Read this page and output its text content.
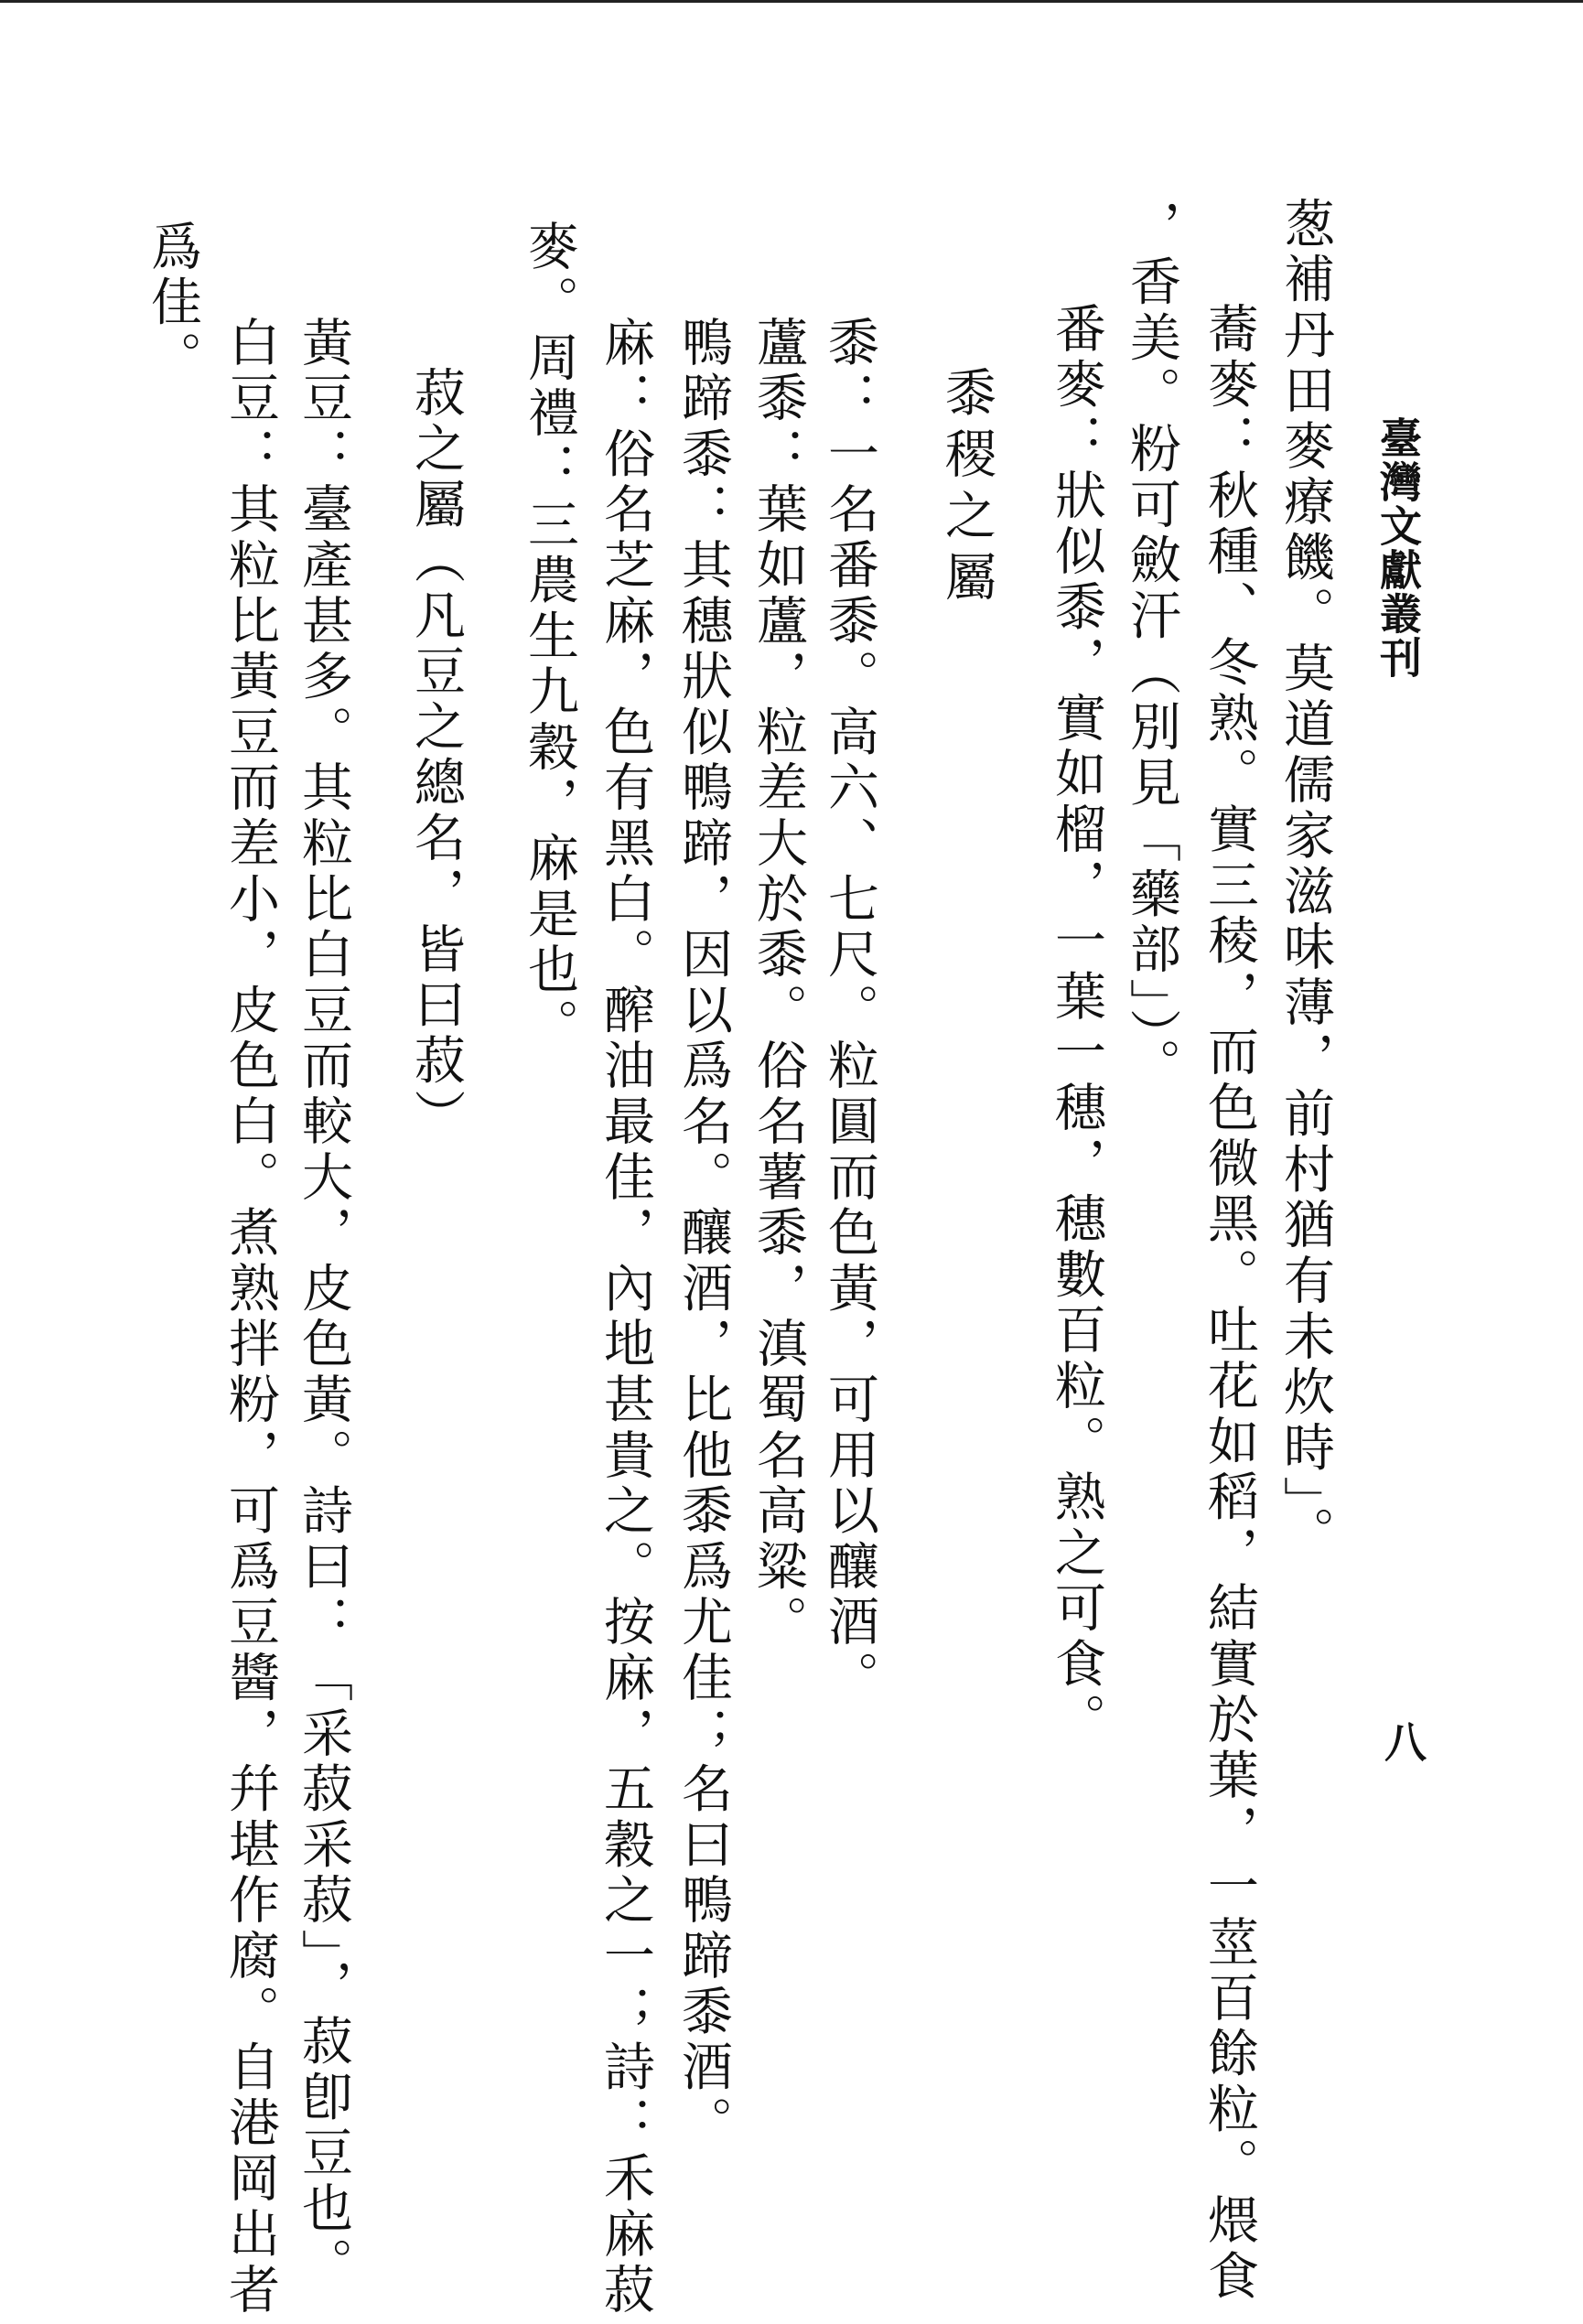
臺灣文獻叢刊
八
葱補丹田麥療饑。莫道儒家滋味薄，前村猶有未炊時」。
蕎麥：秋種、冬熟。實三稜，而色微黑。吐花如稻，結實於葉，一莖百餘粒。煨食
，香美。粉可斂汗（別見「藥部」）。
番麥：狀似黍，實如榴，一葉一穗，穗數百粒。熟之可食。
黍稷之屬
黍：一名番黍。高六、七尺。粒圓而色黃，可用以釀酒。
蘆黍：葉如蘆，粒差大於黍。俗名薯黍，滇蜀名高粱。
鴨蹄黍：其穗狀似鴨蹄，因以爲名。釀酒，比他黍爲尤佳；名曰鴨蹄黍酒。
麻：俗名芝麻，色有黑白。醡油最佳，內地甚貴之。按麻，五穀之一；詩：禾麻菽
麥。周禮：三農生九穀，麻是也。
菽之屬（凡豆之總名，皆曰菽）
黃豆：臺產甚多。其粒比白豆而較大，皮色黃。詩曰：「采菽采菽」，菽卽豆也。
白豆：其粒比黃豆而差小，皮色白。煮熟拌粉，可爲豆醬，幷堪作腐。自港岡出者
爲佳。
